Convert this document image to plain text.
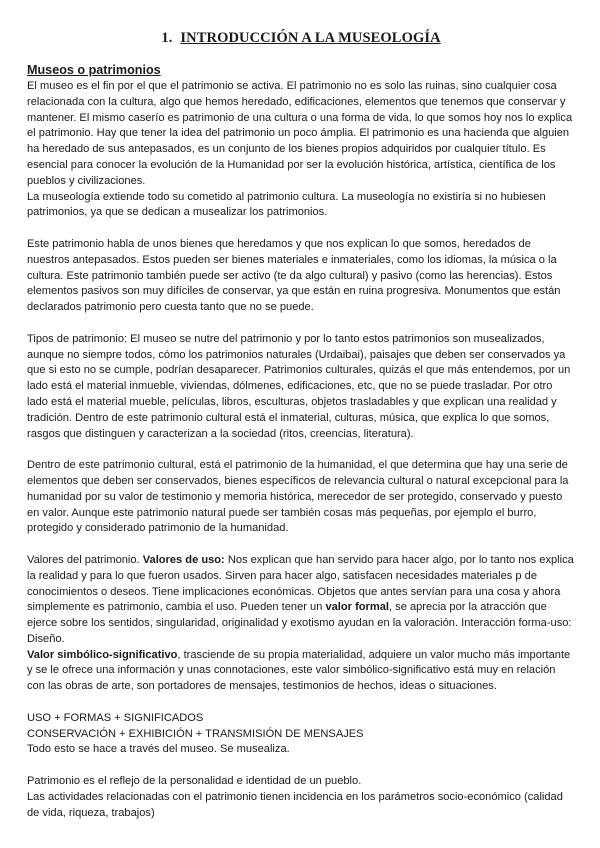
1. INTRODUCCIÓN A LA MUSEOLOGÍA
Museos o patrimonios

El museo es el fin por el que el patrimonio se activa. El patrimonio no es solo las ruinas, sino cualquier cosa relacionada con la cultura, algo que hemos heredado, edificaciones, elementos que tenemos que conservar y mantener. El mismo caserío es patrimonio de una cultura o una forma de vida, lo que somos hoy nos lo explica el patrimonio. Hay que tener la idea del patrimonio un poco ámplia. El patrimonio es una hacienda que alguien ha heredado de sus antepasados, es un conjunto de los bienes propios adquiridos por cualquier título. Es esencial para conocer la evolución de la Humanidad por ser la evolución histórica, artística, científica de los pueblos y civilizaciones.

La museología extiende todo su cometido al patrimonio cultura. La museología no existiría si no hubiesen patrimonios, ya que se dedican a musealizar los patrimonios.

Este patrimonio habla de unos bienes que heredamos y que nos explican lo que somos, heredados de nuestros antepasados. Estos pueden ser bienes materiales e inmateriales, como los idiomas, la música o la cultura. Este patrimonio también puede ser activo (te da algo cultural) y pasivo (como las herencias). Estos elementos pasivos son muy difíciles de conservar, ya que están en ruina progresiva. Monumentos que están declarados patrimonio pero cuesta tanto que no se puede.

Tipos de patrimonio: El museo se nutre del patrimonio y por lo tanto estos patrimonios son musealizados, aunque no siempre todos, cómo los patrimonios naturales (Urdaibai), paisajes que deben ser conservados ya que si esto no se cumple, podrían desaparecer. Patrimonios culturales, quizás el que más entendemos, por un lado está el material inmueble, viviendas, dólmenes, edificaciones, etc, que no se puede trasladar. Por otro lado está el material mueble, películas, libros, esculturas, objetos trasladables y que explican una realidad y tradición. Dentro de este patrimonio cultural está el inmaterial, culturas, música, que explica lo que somos, rasgos que distinguen y caracterizan a la sociedad (ritos, creencias, literatura).

Dentro de este patrimonio cultural, está el patrimonio de la humanidad, el que determina que hay una serie de elementos que deben ser conservados, bienes específicos de relevancia cultural o natural excepcional para la humanidad por su valor de testimonio y memoria histórica, merecedor de ser protegido, conservado y puesto en valor. Aunque este patrimonio natural puede ser también cosas más pequeñas, por ejemplo el burro, protegido y considerado patrimonio de la humanidad.

Valores del patrimonio. Valores de uso: Nos explican que han servido para hacer algo, por lo tanto nos explica la realidad y para lo que fueron usados. Sirven para hacer algo, satisfacen necesidades materiales p de conocimientos o deseos. Tiene implicaciones económicas. Objetos que antes servían para una cosa y ahora simplemente es patrimonio, cambia el uso. Pueden tener un valor formal, se aprecia por la atracción que ejerce sobre los sentidos, singularidad, originalidad y exotismo ayudan en la valoración. Interacción forma-uso: Diseño.

Valor simbólico-significativo, trasciende de su propia materialidad, adquiere un valor mucho más importante y se le ofrece una información y unas connotaciones, este valor simbólico-significativo está muy en relación con las obras de arte, son portadores de mensajes, testimonios de hechos, ideas o situaciones.

USO + FORMAS + SIGNIFICADOS

CONSERVACIÓN + EXHIBICIÓN + TRANSMISIÓN DE MENSAJES

Todo esto se hace a través del museo. Se musealiza.

Patrimonio es el reflejo de la personalidad e identidad de un pueblo.

Las actividades relacionadas con el patrimonio tienen incidencia en los parámetros socio-económico (calidad de vida, riqueza, trabajos)
